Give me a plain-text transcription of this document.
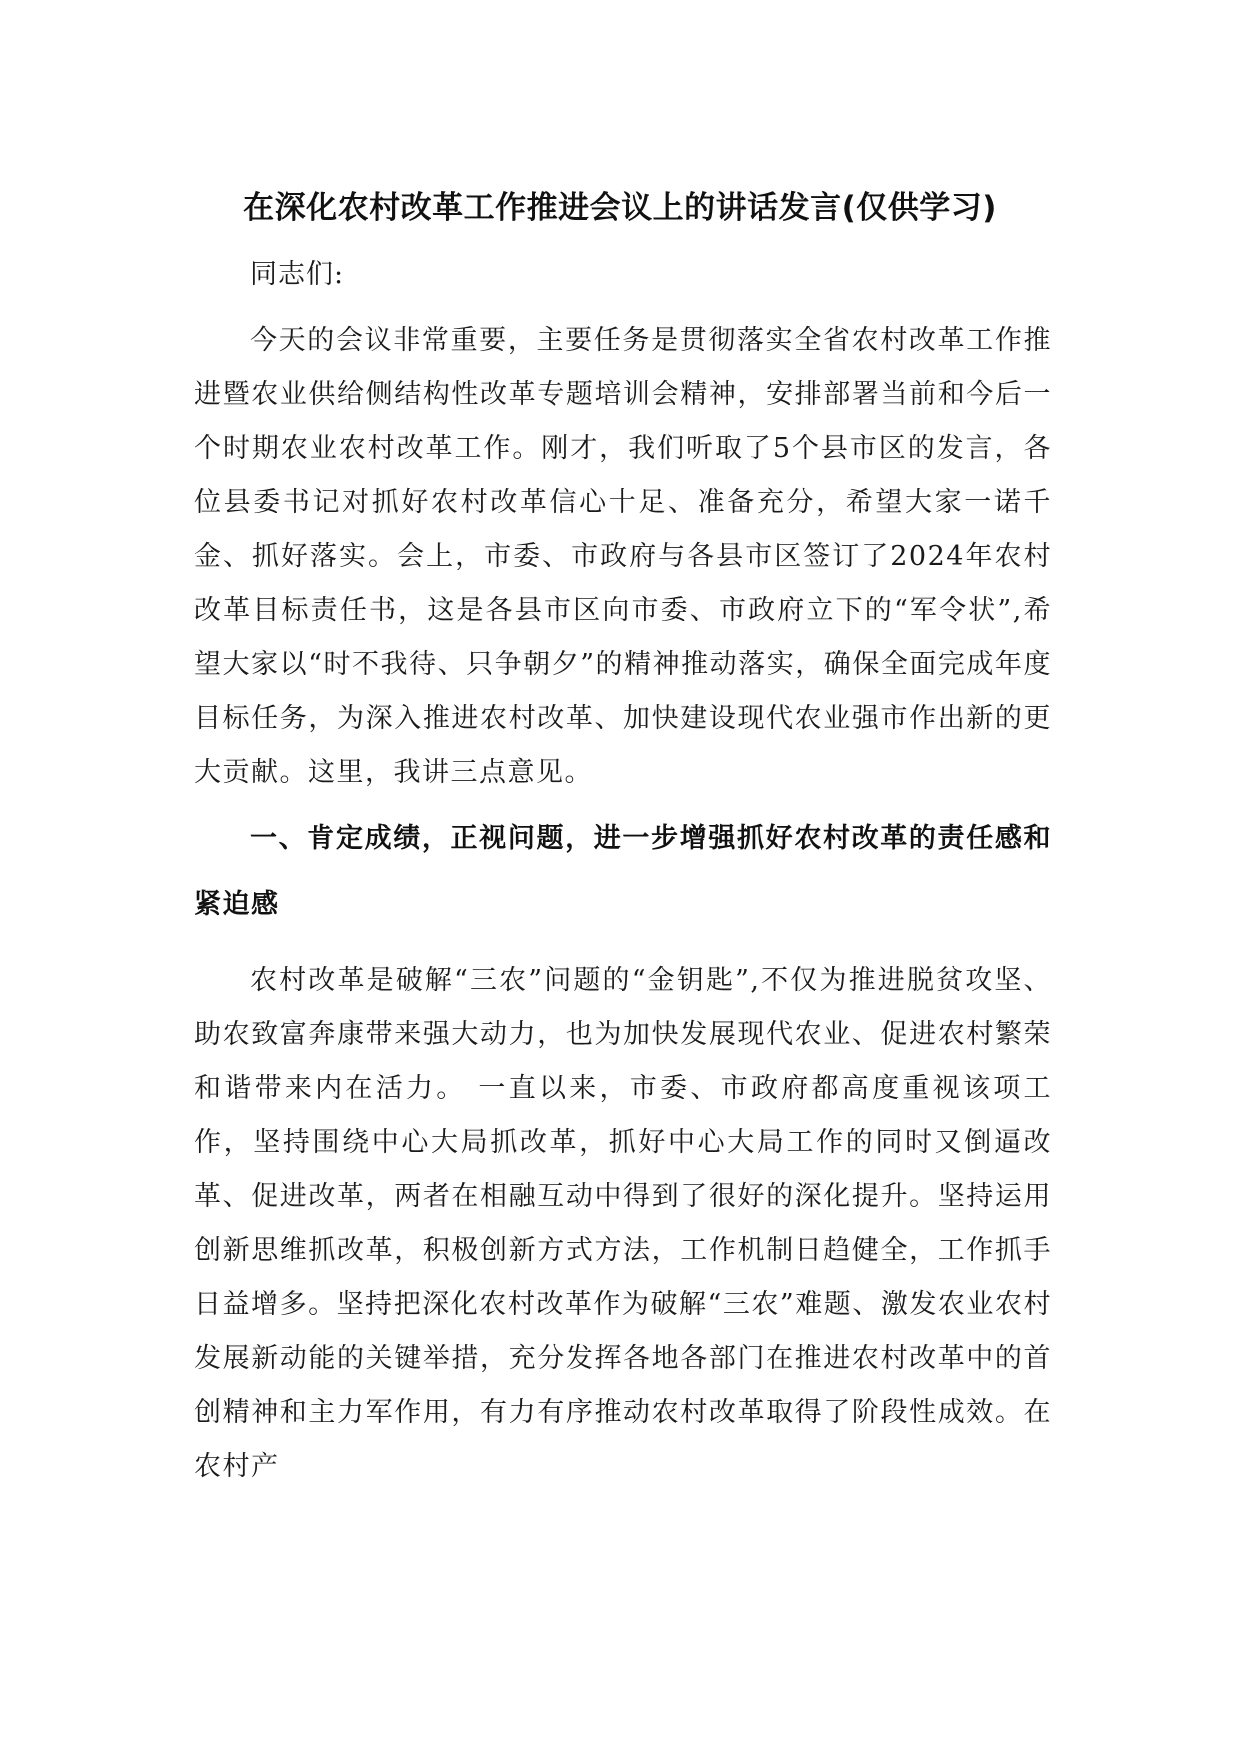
在深化农村改革工作推进会议上的讲话发言(仅供学习)
同志们:

今天的会议非常重要，主要任务是贯彻落实全省农村改革工作推进暨农业供给侧结构性改革专题培训会精神，安排部署当前和今后一个时期农业农村改革工作。刚才，我们听取了5个县市区的发言，各位县委书记对抓好农村改革信心十足、准备充分，希望大家一诺千金、抓好落实。会上，市委、市政府与各县市区签订了2024年农村改革目标责任书，这是各县市区向市委、市政府立下的“军令状”,希望大家以“时不我待、只争朝夕”的精神推动落实，确保全面完成年度目标任务，为深入推进农村改革、加快建设现代农业强市作出新的更大贡献。这里，我讲三点意见。

一、肯定成绩，正视问题，进一步增强抓好农村改革的责任感和紧迫感

农村改革是破解“三农”问题的“金钥匙”,不仅为推进脱贫攻坚、助农致富奔康带来强大动力，也为加快发展现代农业、促进农村繁荣和谐带来内在活力。 一直以来，市委、市政府都高度重视该项工作，坚持围绕中心大局抓改革，抓好中心大局工作的同时又倒逼改革、促进改革，两者在相融互动中得到了很好的深化提升。坚持运用创新思维抓改革，积极创新方式方法，工作机制日趋健全，工作抓手日益增多。坚持把深化农村改革作为破解“三农”难题、激发农业农村发展新动能的关键举措，充分发挥各地各部门在推进农村改革中的首创精神和主力军作用，有力有序推动农村改革取得了阶段性成效。在农村产
